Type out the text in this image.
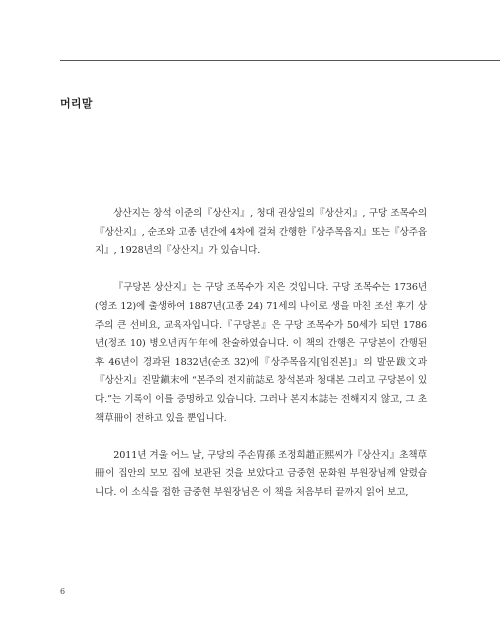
머리말

상산지는 창석 이준의『상산지』, 청대 권상일의『상산지』, 구당 조목수의『상산지』, 순조와 고종 년간에 4차에 걸쳐 간행한『상주목읍지』또는『상주읍지』, 1928년의『상산지』가 있습니다.

『구당본 상산지』는 구당 조목수가 지은 것입니다. 구당 조목수는 1736년(영조 12)에 출생하여 1887년(고종 24) 71세의 나이로 생을 마친 조선 후기 상주의 큰 선비요, 교육자입니다.『구당본』은 구당 조목수가 50세가 되던 1786년(정조 10) 병오년丙午年에 찬술하였습니다. 이 책의 간행은 구당본이 간행된 후 46년이 경과된 1832년(순조 32)에『상주목읍지[임진본]』의 발문跋文과『상산지』진말鎭末에 “본주의 전지前誌로 창석본과 청대본 그리고 구당본이 있다.”는 기록이 이를 증명하고 있습니다. 그러나 본지本誌는 전해지지 않고, 그 초책草冊이 전하고 있을 뿐입니다.

2011년 겨울 어느 날, 구당의 주손冑孫 조정희趙正熙씨가『상산지』초책草冊이 집안의 모모 집에 보관된 것을 보았다고 금중현 문화원 부원장님께 알렸습니다. 이 소식을 접한 금중현 부원장님은 이 책을 처음부터 끝까지 읽어 보고,

6
